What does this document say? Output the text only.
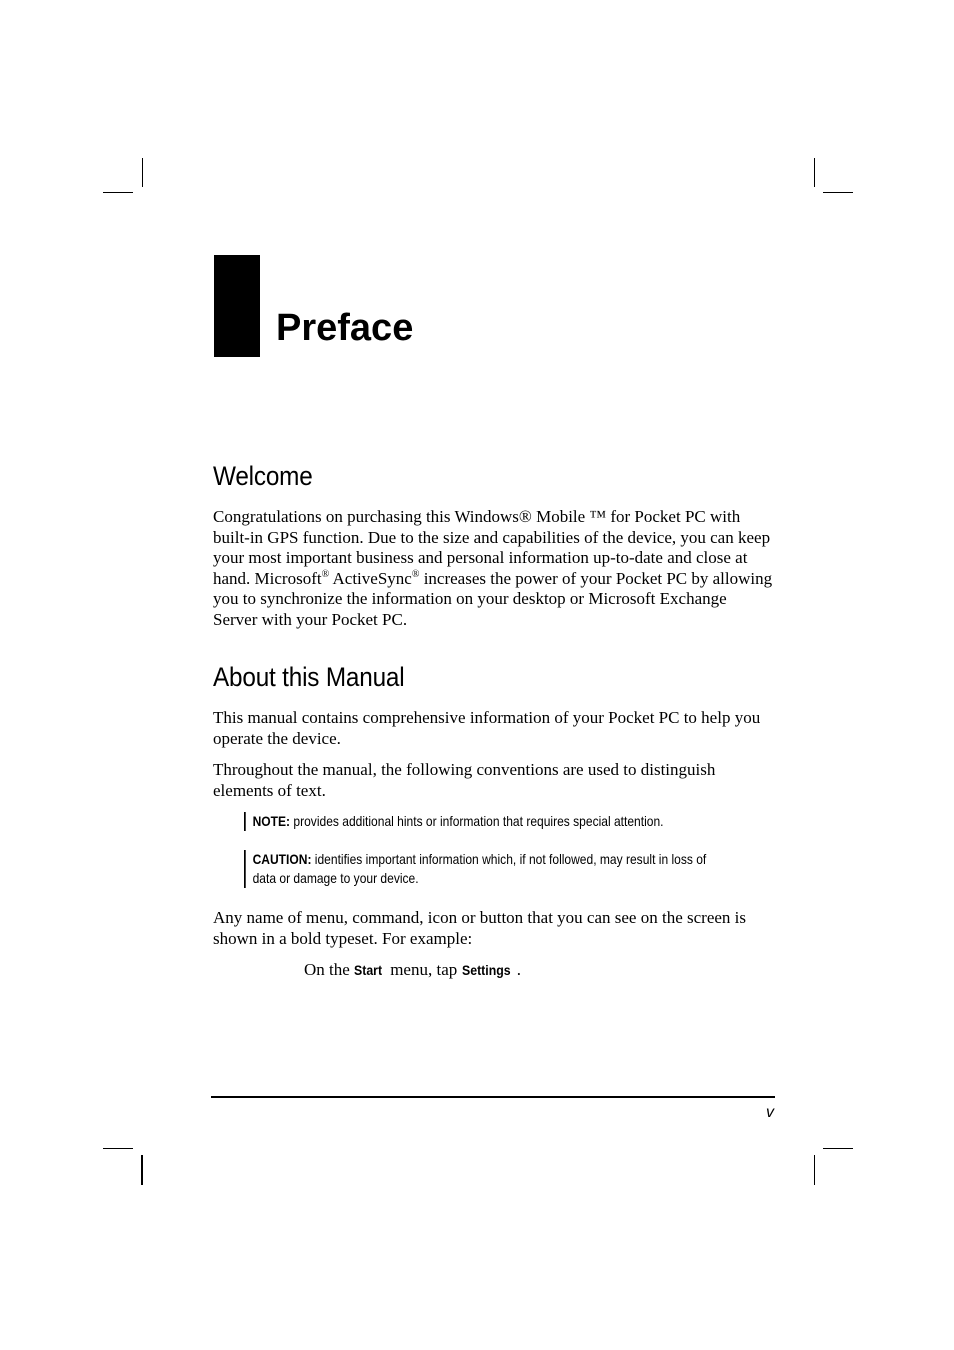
Preface
Welcome

Congratulations on purchasing this Windows® Mobile ™ for Pocket PC with built-in GPS function. Due to the size and capabilities of the device, you can keep your most important business and personal information up-to-date and close at hand. Microsoft® ActiveSync® increases the power of your Pocket PC by allowing you to synchronize the information on your desktop or Microsoft Exchange Server with your Pocket PC.

About this Manual

This manual contains comprehensive information of your Pocket PC to help you operate the device.

Throughout the manual, the following conventions are used to distinguish elements of text.

NOTE: provides additional hints or information that requires special attention.
CAUTION: identifies important information which, if not followed, may result in loss of data or damage to your device.

Any name of menu, command, icon or button that you can see on the screen is shown in a bold typeset. For example:

On the Start menu, tap Settings .

v
